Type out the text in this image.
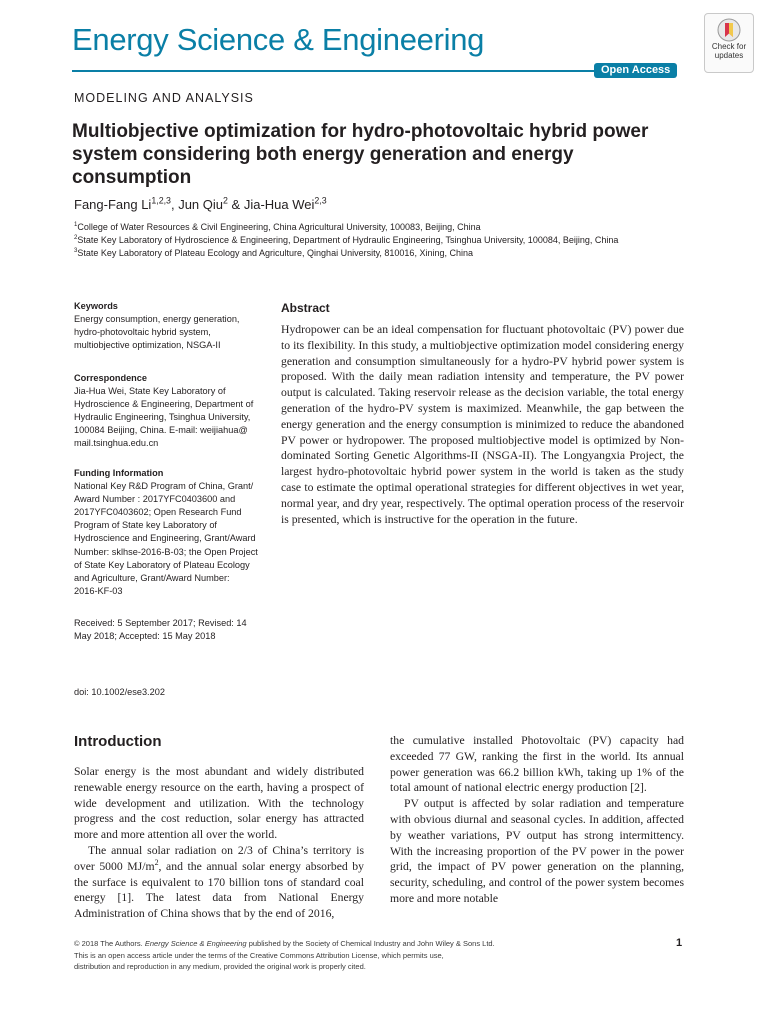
Energy Science & Engineering
Open Access
Check for
updates
MODELING AND ANALYSIS
Multiobjective optimization for hydro-photovoltaic hybrid power system considering both energy generation and energy consumption
Fang-Fang Li$^{1,2,3}$, Jun Qiu$^2$ & Jia-Hua Wei$^{2,3}$
$^1$College of Water Resources & Civil Engineering, China Agricultural University, 100083, Beijing, China
$^2$State Key Laboratory of Hydroscience & Engineering, Department of Hydraulic Engineering, Tsinghua University, 100084, Beijing, China
$^3$State Key Laboratory of Plateau Ecology and Agriculture, Qinghai University, 810016, Xining, China
Keywords
Energy consumption, energy generation,
hydro-photovoltaic hybrid system,
multiobjective optimization, NSGA-II
Correspondence
Jia-Hua Wei, State Key Laboratory of
Hydroscience & Engineering, Department of
Hydraulic Engineering, Tsinghua University,
100084 Beijing, China. E-mail: weijiahua@
mail.tsinghua.edu.cn
Funding Information
National Key R&D Program of China, Grant/
Award Number : 2017YFC0403600 and
2017YFC0403602; Open Research Fund
Program of State key Laboratory of
Hydroscience and Engineering, Grant/Award
Number: sklhse-2016-B-03; the Open Project
of State Key Laboratory of Plateau Ecology
and Agriculture, Grant/Award Number:
2016-KF-03
Received: 5 September 2017; Revised: 14
May 2018; Accepted: 15 May 2018
doi: 10.1002/ese3.202
Abstract
Hydropower can be an ideal compensation for fluctuant photovoltaic (PV) power due to its flexibility. In this study, a multiobjective optimization model considering energy generation and consumption simultaneously for a hydro-PV hybrid power system is proposed. With the daily mean radiation intensity and temperature, the PV power output is calculated. Taking reservoir release as the decision variable, the total energy generation of the hydro-PV system is maximized. Meanwhile, the gap between the energy generation and the energy consumption is minimized to reduce the abandoned PV power or hydropower. The proposed multiobjective model is optimized by Non-dominated Sorting Genetic Algorithms-II (NSGA-II). The Longyangxia Project, the largest hydro-photovoltaic hybrid power system in the world is taken as the study case to estimate the optimal operational strategies for different objectives in wet year, normal year, and dry year, respectively. The optimal operation process of the reservoir is presented, which is instructive for the operation in the future.
Introduction

Solar energy is the most abundant and widely distributed renewable energy resource on the earth, having a prospect of wide development and utilization. With the technology progress and the cost reduction, solar energy has attracted more and more attention all over the world.

The annual solar radiation on 2/3 of China’s territory is over 5000 $MJ/m^2$, and the annual solar energy absorbed by the surface is equivalent to 170 billion tons of standard coal energy [1]. The latest data from National Energy Administration of China shows that by the end of 2016,

the cumulative installed Photovoltaic (PV) capacity had exceeded 77 GW, ranking the first in the world. Its annual power generation was 66.2 billion kWh, taking up 1% of the total amount of national electric energy production [2].

PV output is affected by solar radiation and temperature with obvious diurnal and seasonal cycles. In addition, affected by weather variations, PV output has strong intermittency. With the increasing proportion of the PV power in the power grid, the impact of PV power generation on the planning, security, scheduling, and control of the power system becomes more and more notable

© 2018 The Authors. Energy Science & Engineering published by the Society of Chemical Industry and John Wiley & Sons Ltd.
This is an open access article under the terms of the Creative Commons Attribution License, which permits use,
distribution and reproduction in any medium, provided the original work is properly cited.
1
